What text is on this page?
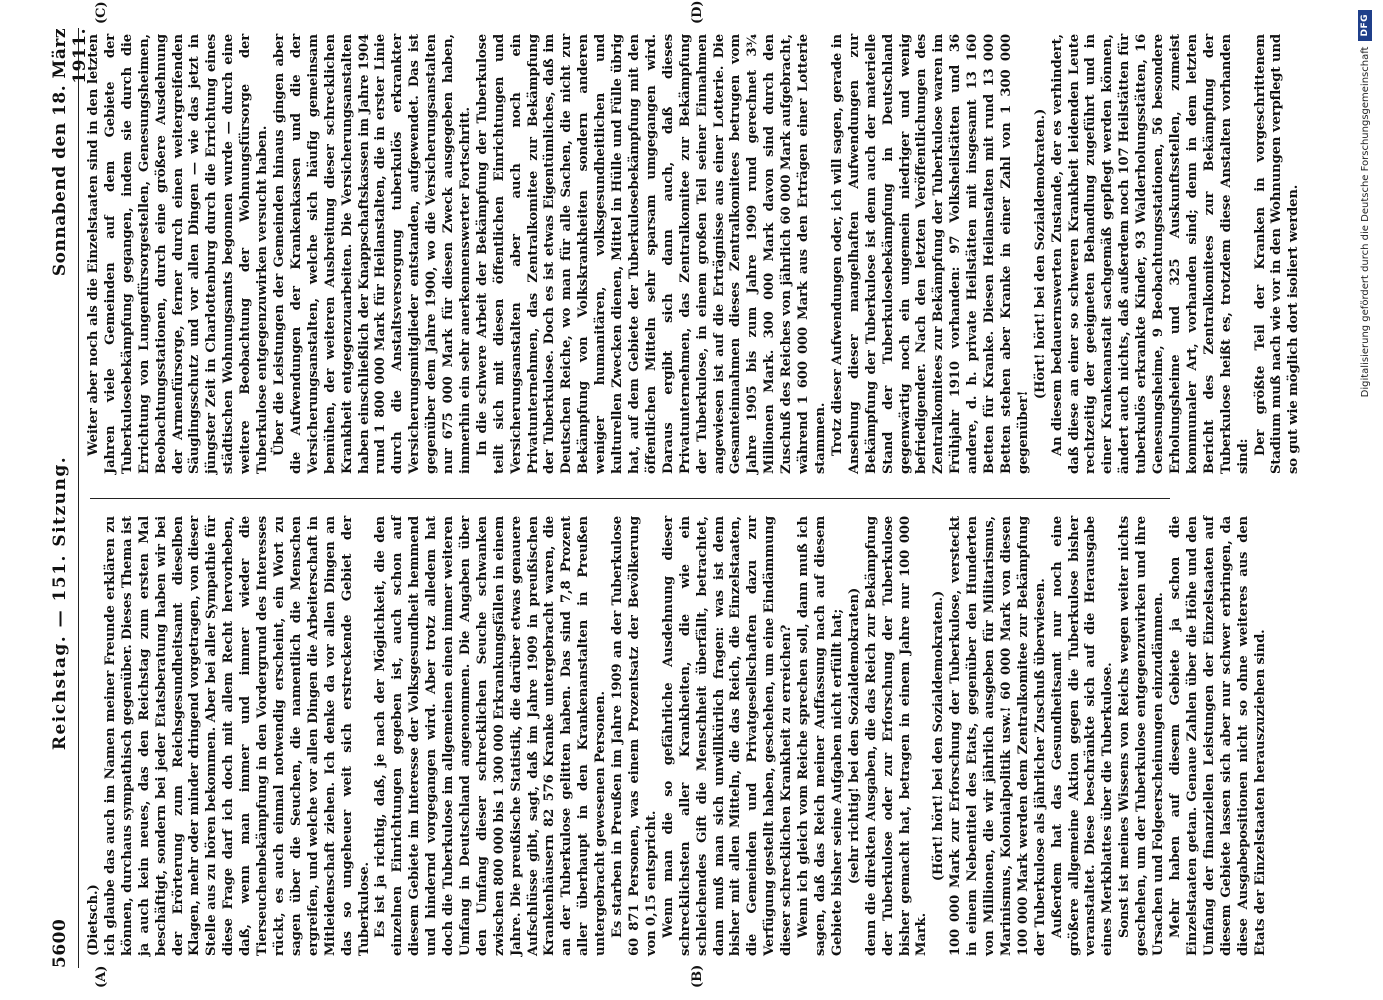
5600
Reichstag. — 151. Sitzung.
Sonnabend den 18. März 1911.
(A)	(B)
(C)	(D)

(Dietsch.) ich glaube das auch im Namen meiner Freunde erklären zu können, durchaus sympathisch gegenüber. Dieses Thema ist ja auch kein neues, das den Reichstag zum ersten Mal beschäftigt, sondern bei jeder Etatsberatung haben wir bei der Erörterung zum Reichsgesundheitsamt dieselben Klagen, mehr oder minder dringend vorgetragen, von dieser Stelle aus zu hören bekommen. Aber bei aller Sympathie für diese Frage darf ich doch mit allem Recht hervorheben, daß, wenn man immer und immer wieder die Tierseuchenbekämpfung in den Vordergrund des Interesses rückt, es auch einmal notwendig erscheint, ein Wort zu sagen über die Seuchen, die namentlich die Menschen ergreifen, und welche vor allen Dingen die Arbeiterschaft in Mitleidenschaft ziehen. Ich denke da vor allen Dingen an das so ungeheuer weit sich erstreckende Gebiet der Tuberkulose. Es ist ja richtig, daß, je nach der Möglichkeit, die den einzelnen Einrichtungen gegeben ist, auch schon auf diesem Gebiete im Interesse der Volksgesundheit hemmend und hindernd vorgegangen wird. Aber trotz alledem hat doch die Tuberkulose im allgemeinen einen immer weiteren Umfang in Deutschland angenommen. Die Angaben über den Umfang dieser schrecklichen Seuche schwanken zwischen 800 000 bis 1 300 000 Erkrankungsfällen in einem Jahre. Die preußische Statistik, die darüber etwas genauere Aufschlüsse gibt, sagt, daß im Jahre 1909 in preußischen Krankenhäusern 82 576 Kranke untergebracht waren, die an der Tuberkulose gelitten haben. Das sind 7,8 Prozent aller überhaupt in den Krankenanstalten in Preußen untergebracht gewesenen Personen. Es starben in Preußen im Jahre 1909 an der Tuberkulose 60 871 Personen, was einem Prozentsatz der Bevölkerung von 0,15 entspricht. Wenn man die so gefährliche Ausdehnung dieser schrecklichsten aller Krankheiten, die wie ein schleichendes Gift die Menschheit überfällt, betrachtet, dann muß man sich unwillkürlich fragen: was ist denn bisher mit allen Mitteln, die das Reich, die Einzelstaaten, die Gemeinden und Privatgesellschaften dazu zur Verfügung gestellt haben, geschehen, um eine Eindämmung dieser schrecklichen Krankheit zu erreichen? Wenn ich gleich vom Reiche sprechen soll, dann muß ich sagen, daß das Reich meiner Auffassung nach auf diesem Gebiete bisher seine Aufgaben nicht erfüllt hat; (sehr richtig! bei den Sozialdemokraten) denn die direkten Ausgaben, die das Reich zur Bekämpfung der Tuberkulose oder zur Erforschung der Tuberkulose bisher gemacht hat, betragen in einem Jahre nur 100 000 Mark.

(Hört! hört! bei den Sozialdemokraten.) 100 000 Mark zur Erforschung der Tuberkulose, versteckt in einem Nebentitel des Etats, gegenüber den Hunderten von Millionen, die wir jährlich ausgeben für Militarismus, Marinismus, Kolonialpolitik usw.! 60 000 Mark von diesen 100 000 Mark werden dem Zentralkomitee zur Bekämpfung der Tuberkulose als jährlicher Zuschuß überwiesen. Außerdem hat das Gesundheitsamt nur noch eine größere allgemeine Aktion gegen die Tuberkulose bisher veranstaltet. Diese beschränkte sich auf die Herausgabe eines Merkblattes über die Tuberkulose. Sonst ist meines Wissens von Reichs wegen weiter nichts geschehen, um der Tuberkulose entgegenzuwirken und ihre Ursachen und Folgeerscheinungen einzudämmen. Mehr haben auf diesem Gebiete ja schon die Einzelstaaten getan. Genaue Zahlen über die Höhe und den Umfang der finanziellen Leistungen der Einzelstaaten auf diesem Gebiete lassen sich aber nur schwer erbringen, da diese Ausgabepositionen nicht so ohne weiteres aus den Etats der Einzelstaaten herauszuziehen sind.

Weiter aber noch als die Einzelstaaten sind in den letzten Jahren viele Gemeinden auf dem Gebiete der Tuberkulosebekämpfung gegangen, indem sie durch die Errichtung von Lungenfürsorgestellen, Genesungsheimen, Beobachtungsstationen, durch eine größere Ausdehnung der Armenfürsorge, ferner durch einen weitergreifenden Säuglingsschutz und vor allen Dingen — wie das jetzt in jüngster Zeit in Charlottenburg durch die Errichtung eines städtischen Wohnungsamts begonnen wurde — durch eine weitere Beobachtung der Wohnungsfürsorge der Tuberkulose entgegenzuwirken versucht haben. Über die Leistungen der Gemeinden hinaus gingen aber die Aufwendungen der Krankenkassen und die der Versicherungsanstalten, welche sich häufig gemeinsam bemühen, der weiteren Ausbreitung dieser schrecklichen Krankheit entgegenzuarbeiten. Die Versicherungsanstalten haben einschließlich der Knappschaftskassen im Jahre 1904 rund 1 800 000 Mark für Heilanstalten, die in erster Linie durch die Anstaltsversorgung tuberkulös erkrankter Versicherungsmitglieder entstanden, aufgewendet. Das ist gegenüber dem Jahre 1900, wo die Versicherungsanstalten nur 675 000 Mark für diesen Zweck ausgegeben haben, immerhin ein sehr anerkennenswerter Fortschritt. In die schwere Arbeit der Bekämpfung der Tuberkulose teilt sich mit diesen öffentlichen Einrichtungen und Versicherungsanstalten aber auch noch ein Privatunternehmen, das Zentralkomitee zur Bekämpfung der Tuberkulose. Doch es ist etwas Eigentümliches, daß im Deutschen Reiche, wo man für alle Sachen, die nicht zur Bekämpfung von Volkskrankheiten sondern anderen weniger humanitären, volksgesundheitlichen und kulturellen Zwecken dienen, Mittel in Hülle und Fülle übrig hat, auf dem Gebiete der Tuberkulosebekämpfung mit den öffentlichen Mitteln sehr sparsam umgegangen wird. Daraus ergibt sich dann auch, daß dieses Privatunternehmen, das Zentralkomitee zur Bekämpfung der Tuberkulose, in einem großen Teil seiner Einnahmen angewiesen ist auf die Erträgnisse aus einer Lotterie. Die Gesamteinnahmen dieses Zentralkomitees betrugen vom Jahre 1905 bis zum Jahre 1909 rund gerechnet 3¾ Millionen Mark. 300 000 Mark davon sind durch den Zuschuß des Reiches von jährlich 60 000 Mark aufgebracht, während 1 600 000 Mark aus den Erträgen einer Lotterie stammen. Trotz dieser Aufwendungen oder, ich will sagen, gerade in Ansehung dieser mangelhaften Aufwendungen zur Bekämpfung der Tuberkulose ist denn auch der materielle Stand der Tuberkulosebekämpfung in Deutschland gegenwärtig noch ein ungemein niedriger und wenig befriedigender. Nach den letzten Veröffentlichungen des Zentralkomitees zur Bekämpfung der Tuberkulose waren im Frühjahr 1910 vorhanden: 97 Volksheilstätten und 36 andere, d. h. private Heilstätten mit insgesamt 13 160 Betten für Kranke. Diesen Heilanstalten mit rund 13 000 Betten stehen aber Kranke in einer Zahl von 1 300 000 gegenüber!

(Hört! hört! bei den Sozialdemokraten.) An diesem bedauernswerten Zustande, der es verhindert, daß diese an einer so schweren Krankheit leidenden Leute rechtzeitig der geeigneten Behandlung zugeführt und in einer Krankenanstalt sachgemäß gepflegt werden können, ändert auch nichts, daß außerdem noch 107 Heilstätten für tuberkulös erkrankte Kinder, 93 Walderholungsstätten, 16 Genesungsheime, 9 Beobachtungsstationen, 56 besondere Erholungsheime und 325 Auskunftsstellen, zumeist kommunaler Art, vorhanden sind; denn in dem letzten Bericht des Zentralkomitees zur Bekämpfung der Tuberkulose heißt es, trotzdem diese Anstalten vorhanden sind:

Der größte Teil der Kranken in vorgeschrittenem Stadium muß nach wie vor in den Wohnungen verpflegt und so gut wie möglich dort isoliert werden.	Digitalisierung gefördert durch die Deutsche Forschungsgemeinschaft
DFG
